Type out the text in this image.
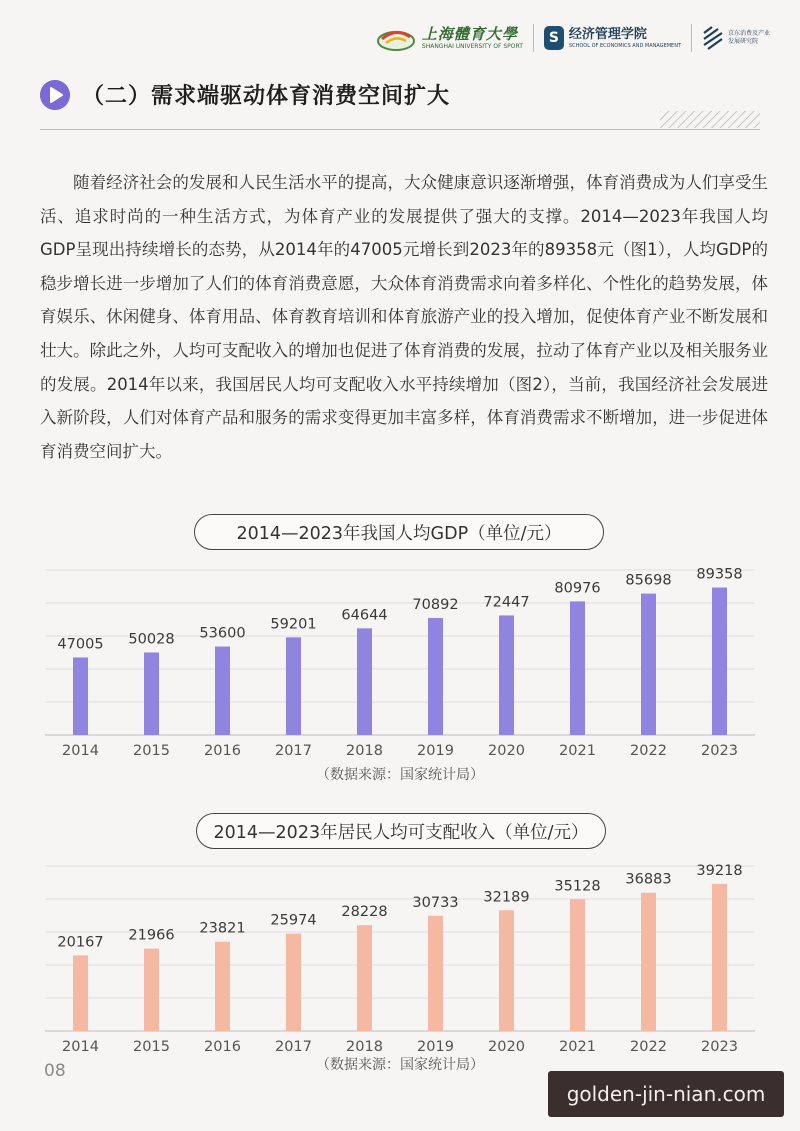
上海體育大學
SHANGHAI UNIVERSITY OF SPORT	S 经济管理学院
SCHOOL OF ECONOMICS AND MANAGEMENT
京东消费及产业发展研究院
（二）需求端驱动体育消费空间扩大

随着经济社会的发展和人民生活水平的提高，大众健康意识逐渐增强，体育消费成为人们享受生活、追求时尚的一种生活方式，为体育产业的发展提供了强大的支撑。2014—2023年我国人均GDP呈现出持续增长的态势，从2014年的47005元增长到2023年的89358元（图1），人均GDP的稳步增长进一步增加了人们的体育消费意愿，大众体育消费需求向着多样化、个性化的趋势发展，体育娱乐、休闲健身、体育用品、体育教育培训和体育旅游产业的投入增加，促使体育产业不断发展和壮大。除此之外，人均可支配收入的增加也促进了体育消费的发展，拉动了体育产业以及相关服务业的发展。2014年以来，我国居民人均可支配收入水平持续增加（图2），当前，我国经济社会发展进入新阶段，人们对体育产品和服务的需求变得更加丰富多样，体育消费需求不断增加，进一步促进体育消费空间扩大。

2014—2023年我国人均GDP（单位/元）
47005
2014
50028
2015
53600
2016
59201
2017
64644
2018
70892
2019
72447
2020
80976
2021
85698
2022
89358
2023
（数据来源：国家统计局）
2014—2023年居民人均可支配收入（单位/元）
20167
2014
21966
2015
23821
2016
25974
2017
28228
2018
30733
2019
32189
2020
35128
2021
36883
2022
39218
2023
（数据来源：国家统计局）
08
golden-jin-nian.com
